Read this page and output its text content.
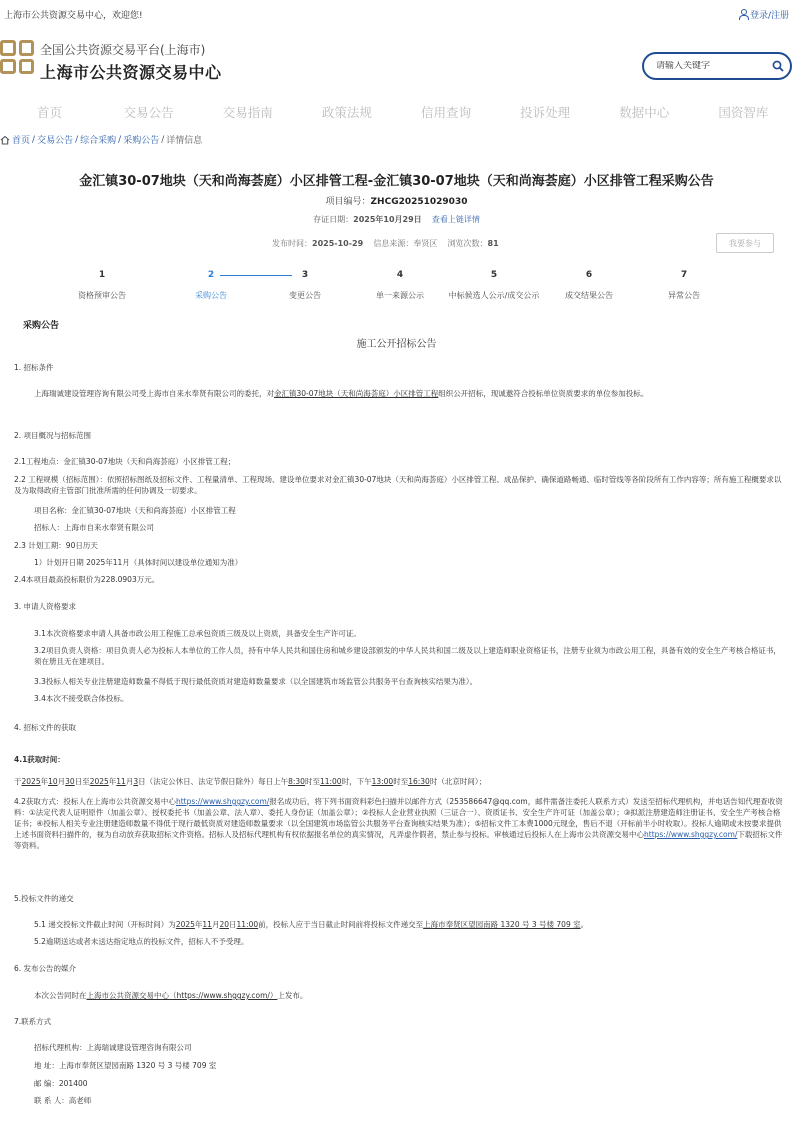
上海市公共资源交易中心，欢迎您!	登录/注册
全国公共资源交易平台(上海市)
上海市公共资源交易中心
请输入关键字
首页	交易公告	交易指南	政策法规	信用查询	投诉处理	数据中心	国资智库
首页 / 交易公告 / 综合采购 / 采购公告 / 详情信息
金汇镇30-07地块（天和尚海荟庭）小区排管工程-金汇镇30-07地块（天和尚海荟庭）小区排管工程采购公告
项目编号：ZHCG20251029030
存证日期：2025年10月29日 查看上链详情
发布时间：2025-10-29 信息来源：奉贤区 浏览次数：81	我要参与
1
资格预审公告
2
采购公告
3
变更公告
4
单一来源公示
5
中标候选人公示/成交公示
6
成交结果公告
7
异常公告
采购公告
施工公开招标公告
1. 招标条件
上海瑞诚建设管理咨询有限公司受上海市自来水奉贤有限公司的委托，对金汇镇30-07地块（天和尚海荟庭）小区排管工程组织公开招标，现诚邀符合投标单位资质要求的单位参加投标。
2. 项目概况与招标范围
2.1工程地点：金汇镇30-07地块（天和尚海荟庭）小区排管工程；
2.2 工程规模（招标范围）：依照招标图纸及招标文件、工程量清单、工程现场、建设单位要求对金汇镇30-07地块（天和尚海荟庭）小区排管工程、成品保护、确保道路畅通、临时管线等各阶段所有工作内容等；所有施工程概要求以及为取得政府主管部门批准所需的任何协调及一切要求。
项目名称：金汇镇30-07地块（天和尚海荟庭）小区排管工程
招标人：上海市自来水奉贤有限公司
2.3 计划工期：90日历天
1）计划开日期 2025年11月（具体时间以建设单位通知为准）
2.4本项目最高投标限价为228.0903万元。
3. 申请人资格要求
3.1本次资格要求申请人具备市政公用工程施工总承包资质三级及以上资质，具备安全生产许可证。
3.2项目负责人资格：项目负责人必为投标人本单位的工作人员，持有中华人民共和国住房和城乡建设部颁发的中华人民共和国二级及以上建造师职业资格证书，注册专业须为市政公用工程，具备有效的安全生产考核合格证书，须在册且无在建项目。
3.3投标人相关专业注册建造师数量不得低于现行最低资质对建造师数量要求（以全国建筑市场监管公共服务平台查询核实结果为准）。
3.4本次不接受联合体投标。
4. 招标文件的获取
4.1获取时间：
于2025年10月30日至2025年11月3日（法定公休日、法定节假日除外）每日上午8:30时至11:00时，下午13:00时至16:30时（北京时间）；
4.2获取方式：投标人在上海市公共资源交易中心https://www.shggzy.com/报名成功后，将下列书面资料彩色扫描并以邮件方式（253586647@qq.com，邮件需备注委托人联系方式）发送至招标代理机构，并电话告知代理查收资料：①法定代表人证明原件（加盖公章）、授权委托书（加盖公章、法人章）、委托人身份证（加盖公章）；②投标人企业营业执照（三证合一）、资质证书、安全生产许可证（加盖公章）；③拟派注册建造师注册证书、安全生产考核合格证书；④投标人相关专业注册建造师数量不得低于现行最低资质对建造师数量要求（以全国建筑市场监管公共服务平台查询核实结果为准）；⑤招标文件工本费1000元现金，售后不退（开标前半小时收取）。投标人逾期或未按要求提供上述书面资料扫描件的，视为自动放弃获取招标文件资格。招标人及招标代理机构有权依据报名单位的真实情况，凡弄虚作假者，禁止参与投标。审核通过后投标人在上海市公共资源交易中心https://www.shggzy.com/下载招标文件等资料。
5.投标文件的递交
5.1 递交投标文件截止时间（开标时间）为2025年11月20日11:00前，投标人应于当日截止时间前将投标文件递交至上海市奉贤区望园南路 1320 号 3 号楼 709 室。
5.2逾期送达或者未送达指定地点的投标文件，招标人不予受理。
6. 发布公告的媒介
本次公告同时在上海市公共资源交易中心（https://www.shggzy.com/）上发布。
7.联系方式
招标代理机构：上海瑞诚建设管理咨询有限公司
地 址：上海市奉贤区望园南路 1320 号 3 号楼 709 室
邮 编：201400
联 系 人：高老师
